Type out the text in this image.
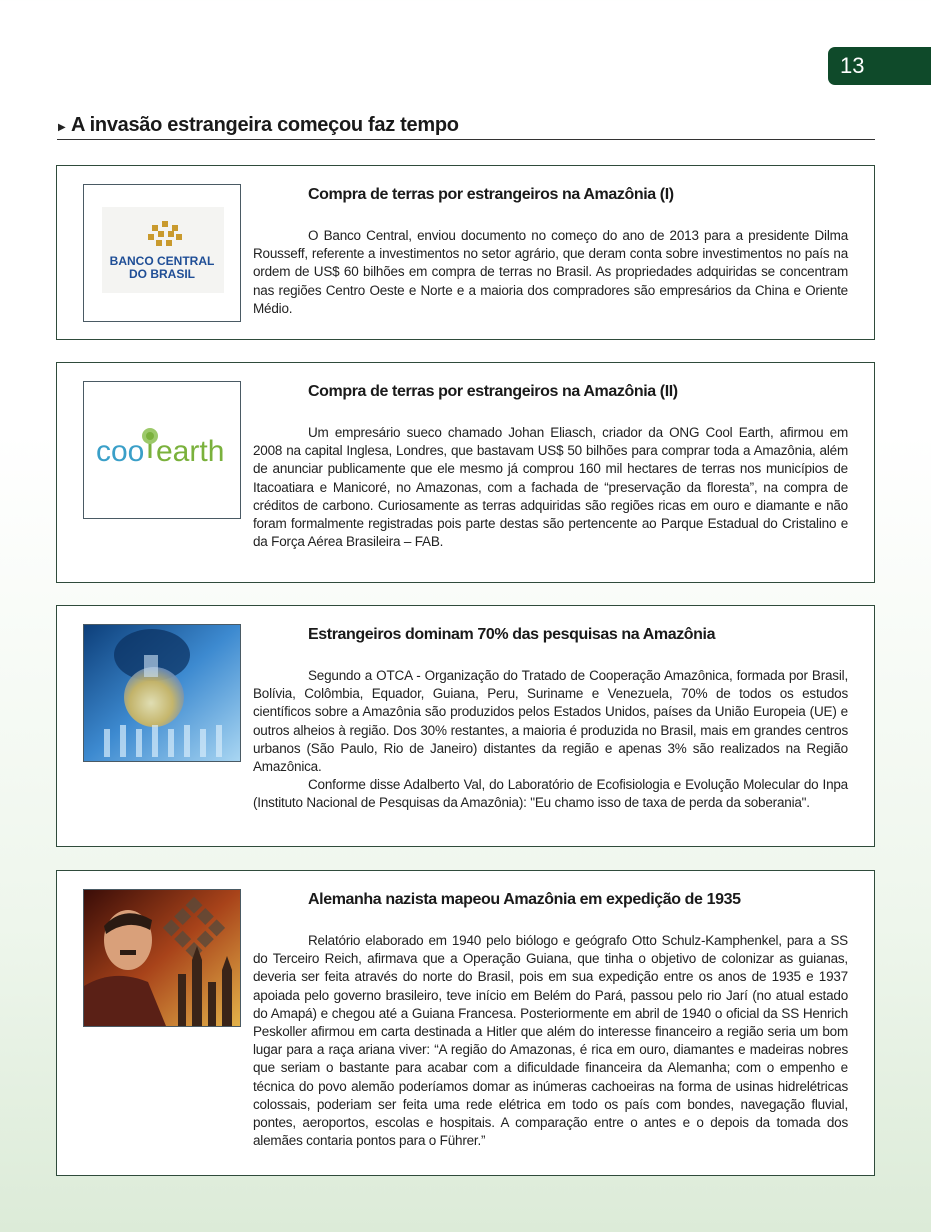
13
▶ A invasão estrangeira começou faz tempo
BANCO CENTRAL
DO BRASIL
Compra de terras por estrangeiros na Amazônia (I)

O Banco Central, enviou documento no começo do ano de 2013 para a presidente Dilma Rousseff, referente a investimentos no setor agrário, que deram conta sobre investimentos no país na ordem de US$ 60 bilhões em compra de terras no Brasil. As propriedades adquiridas se concentram nas regiões Centro Oeste e Norte e a maioria dos compradores são empresários da China e Oriente Médio.

coo earth
Compra de terras por estrangeiros na Amazônia (II)

Um empresário sueco chamado Johan Eliasch, criador da ONG Cool Earth, afirmou em 2008 na capital Inglesa, Londres, que bastavam US$ 50 bilhões para comprar toda a Amazônia, além de anunciar publicamente que ele mesmo já comprou 160 mil hectares de terras nos municípios de Itacoatiara e Manicoré, no Amazonas, com a fachada de “preservação da floresta”, na compra de créditos de carbono. Curiosamente as terras adquiridas são regiões ricas em ouro e diamante e não foram formalmente registradas pois parte destas são pertencente ao Parque Estadual do Cristalino e da Força Aérea Brasileira – FAB.

Estrangeiros dominam 70% das pesquisas na Amazônia

Segundo a OTCA - Organização do Tratado de Cooperação Amazônica, formada por Brasil, Bolívia, Colômbia, Equador, Guiana, Peru, Suriname e Venezuela, 70% de todos os estudos científicos sobre a Amazônia são produzidos pelos Estados Unidos, países da União Europeia (UE) e outros alheios à região. Dos 30% restantes, a maioria é produzida no Brasil, mais em grandes centros urbanos (São Paulo, Rio de Janeiro) distantes da região e apenas 3% são realizados na Região Amazônica.

Conforme disse Adalberto Val, do Laboratório de Ecofisiologia e Evolução Molecular do Inpa (Instituto Nacional de Pesquisas da Amazônia): "Eu chamo isso de taxa de perda da soberania".

Alemanha nazista mapeou Amazônia em expedição de 1935

Relatório elaborado em 1940 pelo biólogo e geógrafo Otto Schulz-Kamphenkel, para a SS do Terceiro Reich, afirmava que a Operação Guiana, que tinha o objetivo de colonizar as guianas, deveria ser feita através do norte do Brasil, pois em sua expedição entre os anos de 1935 e 1937 apoiada pelo governo brasileiro, teve início em Belém do Pará, passou pelo rio Jarí (no atual estado do Amapá) e chegou até a Guiana Francesa. Posteriormente em abril de 1940 o oficial da SS Henrich Peskoller afirmou em carta destinada a Hitler que além do interesse financeiro a região seria um bom lugar para a raça ariana viver: “A região do Amazonas, é rica em ouro, diamantes e madeiras nobres que seriam o bastante para acabar com a dificuldade financeira da Alemanha; com o empenho e técnica do povo alemão poderíamos domar as inúmeras cachoeiras na forma de usinas hidrelétricas colossais, poderiam ser feita uma rede elétrica em todo os país com bondes, navegação fluvial, pontes, aeroportos, escolas e hospitais. A comparação entre o antes e o depois da tomada dos alemães contaria pontos para o Führer.”
